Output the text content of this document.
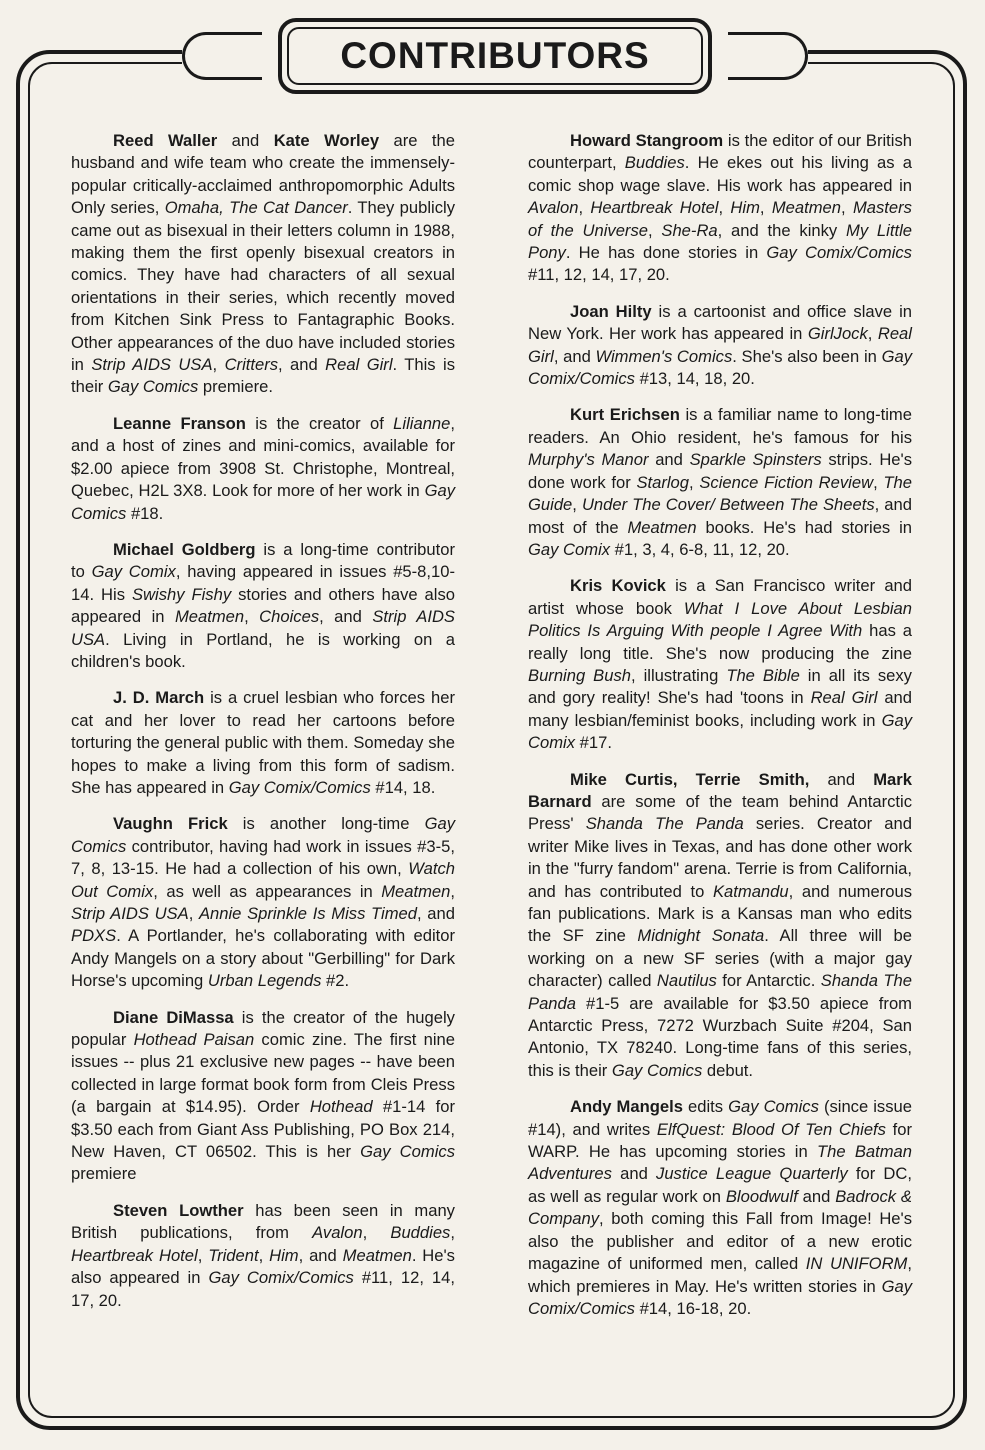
CONTRIBUTORS

Reed Waller and Kate Worley are the husband and wife team who create the immensely-popular critically-acclaimed anthropomorphic Adults Only series, Omaha, The Cat Dancer. They publicly came out as bisexual in their letters column in 1988, making them the first openly bisexual creators in comics. They have had characters of all sexual orientations in their series, which recently moved from Kitchen Sink Press to Fantagraphic Books. Other appearances of the duo have included stories in Strip AIDS USA, Critters, and Real Girl. This is their Gay Comics premiere.

Leanne Franson is the creator of Lilianne, and a host of zines and mini-comics, available for $2.00 apiece from 3908 St. Christophe, Montreal, Quebec, H2L 3X8. Look for more of her work in Gay Comics #18.

Michael Goldberg is a long-time contributor to Gay Comix, having appeared in issues #5-8,10-14. His Swishy Fishy stories and others have also appeared in Meatmen, Choices, and Strip AIDS USA. Living in Portland, he is working on a children's book.

J. D. March is a cruel lesbian who forces her cat and her lover to read her cartoons before torturing the general public with them. Someday she hopes to make a living from this form of sadism. She has appeared in Gay Comix/Comics #14, 18.

Vaughn Frick is another long-time Gay Comics contributor, having had work in issues #3-5, 7, 8, 13-15. He had a collection of his own, Watch Out Comix, as well as appearances in Meatmen, Strip AIDS USA, Annie Sprinkle Is Miss Timed, and PDXS. A Portlander, he's collaborating with editor Andy Mangels on a story about "Gerbilling" for Dark Horse's upcoming Urban Legends #2.

Diane DiMassa is the creator of the hugely popular Hothead Paisan comic zine. The first nine issues -- plus 21 exclusive new pages -- have been collected in large format book form from Cleis Press (a bargain at $14.95). Order Hothead #1-14 for $3.50 each from Giant Ass Publishing, PO Box 214, New Haven, CT 06502. This is her Gay Comics premiere

Steven Lowther has been seen in many British publications, from Avalon, Buddies, Heartbreak Hotel, Trident, Him, and Meatmen. He's also appeared in Gay Comix/Comics #11, 12, 14, 17, 20.

Howard Stangroom is the editor of our British counterpart, Buddies. He ekes out his living as a comic shop wage slave. His work has appeared in Avalon, Heartbreak Hotel, Him, Meatmen, Masters of the Universe, She-Ra, and the kinky My Little Pony. He has done stories in Gay Comix/Comics #11, 12, 14, 17, 20.

Joan Hilty is a cartoonist and office slave in New York. Her work has appeared in GirlJock, Real Girl, and Wimmen's Comics. She's also been in Gay Comix/Comics #13, 14, 18, 20.

Kurt Erichsen is a familiar name to long-time readers. An Ohio resident, he's famous for his Murphy's Manor and Sparkle Spinsters strips. He's done work for Starlog, Science Fiction Review, The Guide, Under The Cover/ Between The Sheets, and most of the Meatmen books. He's had stories in Gay Comix #1, 3, 4, 6-8, 11, 12, 20.

Kris Kovick is a San Francisco writer and artist whose book What I Love About Lesbian Politics Is Arguing With people I Agree With has a really long title. She's now producing the zine Burning Bush, illustrating The Bible in all its sexy and gory reality! She's had 'toons in Real Girl and many lesbian/feminist books, including work in Gay Comix #17.

Mike Curtis, Terrie Smith, and Mark Barnard are some of the team behind Antarctic Press' Shanda The Panda series. Creator and writer Mike lives in Texas, and has done other work in the "furry fandom" arena. Terrie is from California, and has contributed to Katmandu, and numerous fan publications. Mark is a Kansas man who edits the SF zine Midnight Sonata. All three will be working on a new SF series (with a major gay character) called Nautilus for Antarctic. Shanda The Panda #1-5 are available for $3.50 apiece from Antarctic Press, 7272 Wurzbach Suite #204, San Antonio, TX 78240. Long-time fans of this series, this is their Gay Comics debut.

Andy Mangels edits Gay Comics (since issue #14), and writes ElfQuest: Blood Of Ten Chiefs for WARP. He has upcoming stories in The Batman Adventures and Justice League Quarterly for DC, as well as regular work on Bloodwulf and Badrock & Company, both coming this Fall from Image! He's also the publisher and editor of a new erotic magazine of uniformed men, called IN UNIFORM, which premieres in May. He's written stories in Gay Comix/Comics #14, 16-18, 20.
